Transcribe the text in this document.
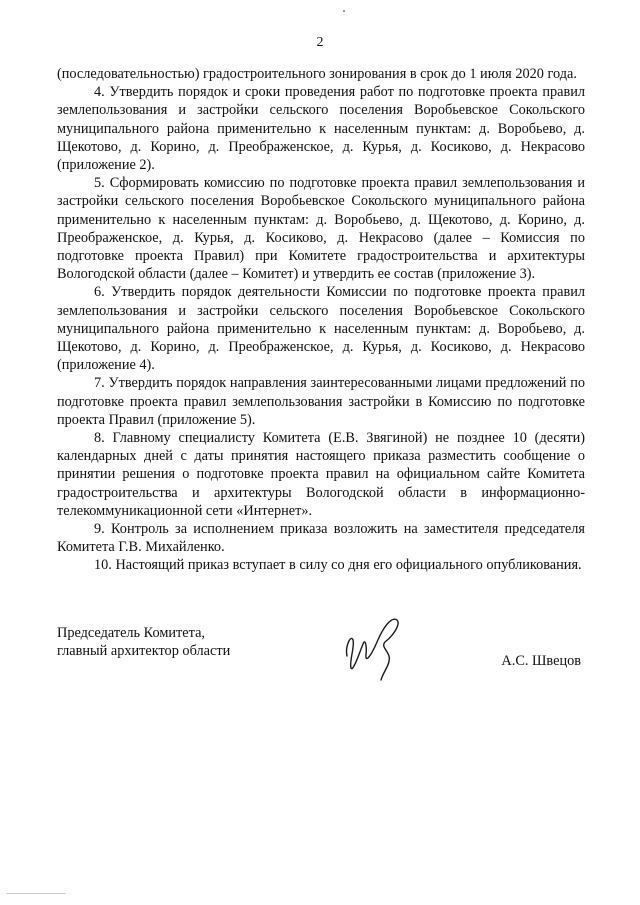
2

(последовательностью) градостроительного зонирования в срок до 1 июля 2020 года.

4. Утвердить порядок и сроки проведения работ по подготовке проекта правил землепользования и застройки сельского поселения Воробьевское Сокольского муниципального района применительно к населенным пунктам: д. Воробьево, д. Щекотово, д. Корино, д. Преображенское, д. Курья, д. Косиково, д. Некрасово (приложение 2).

5. Сформировать комиссию по подготовке проекта правил землепользования и застройки сельского поселения Воробьевское Сокольского муниципального района применительно к населенным пунктам: д. Воробьево, д. Щекотово, д. Корино, д. Преображенское, д. Курья, д. Косиково, д. Некрасово (далее – Комиссия по подготовке проекта Правил) при Комитете градостроительства и архитектуры Вологодской области (далее – Комитет) и утвердить ее состав (приложение 3).

6. Утвердить порядок деятельности Комиссии по подготовке проекта правил землепользования и застройки сельского поселения Воробьевское Сокольского муниципального района применительно к населенным пунктам: д. Воробьево, д. Щекотово, д. Корино, д. Преображенское, д. Курья, д. Косиково, д. Некрасово (приложение 4).

7. Утвердить порядок направления заинтересованными лицами предложений по подготовке проекта правил землепользования застройки в Комиссию по подготовке проекта Правил (приложение 5).

8. Главному специалисту Комитета (Е.В. Звягиной) не позднее 10 (десяти) календарных дней с даты принятия настоящего приказа разместить сообщение о принятии решения о подготовке проекта правил на официальном сайте Комитета градостроительства и архитектуры Вологодской области в информационно-телекоммуникационной сети «Интернет».

9. Контроль за исполнением приказа возложить на заместителя председателя Комитета Г.В. Михайленко.

10. Настоящий приказ вступает в силу со дня его официального опубликования.

Председатель Комитета,
главный архитектор области
А.С. Швецов
